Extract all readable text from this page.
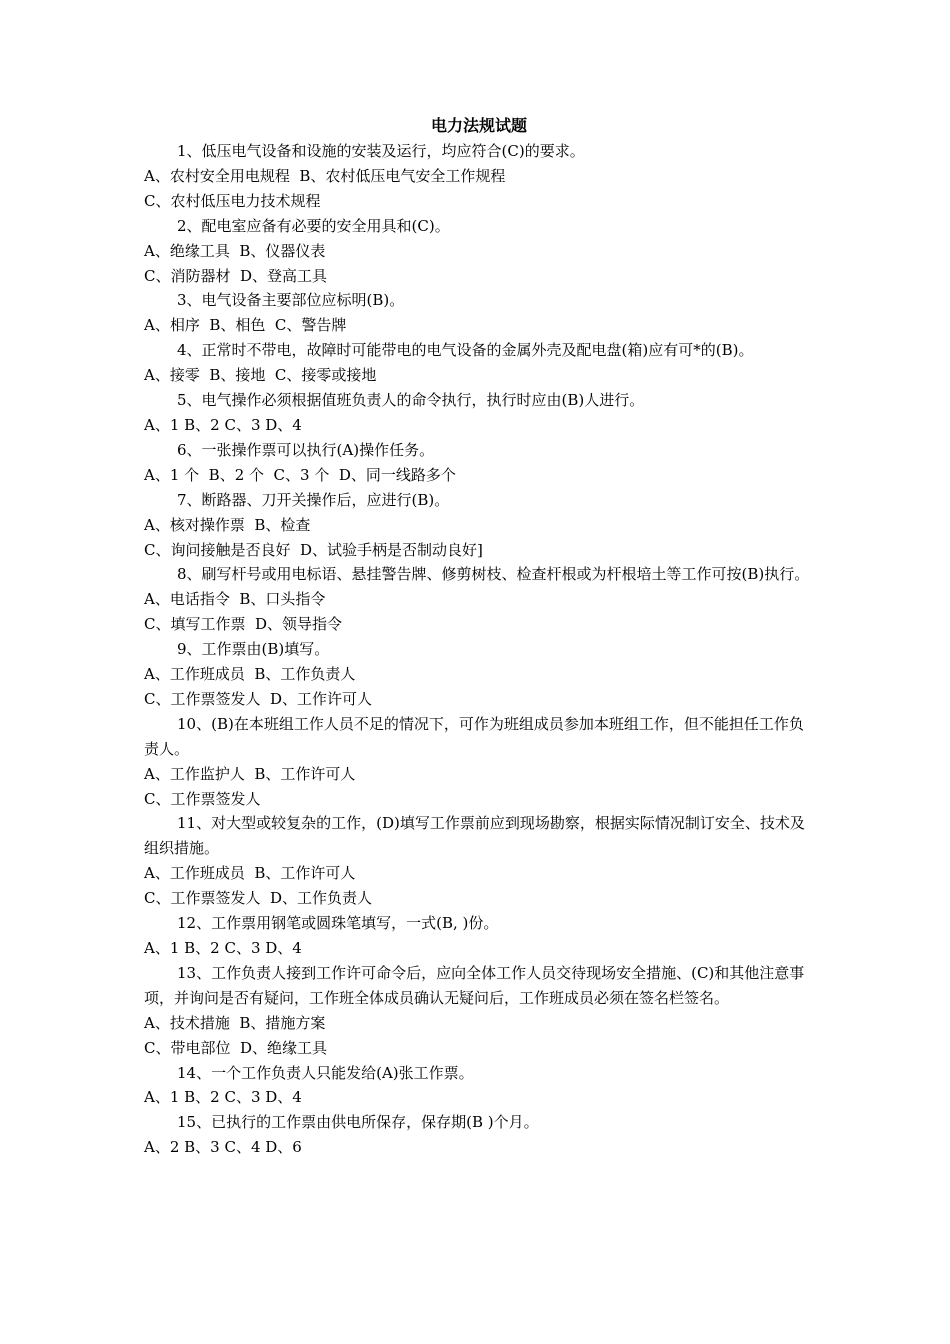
电力法规试题

1、低压电气设备和设施的安装及运行，均应符合(C)的要求。

A、农村安全用电规程  B、农村低压电气安全工作规程

C、农村低压电力技术规程

2、配电室应备有必要的安全用具和(C)。

A、绝缘工具  B、仪器仪表

C、消防器材  D、登高工具

3、电气设备主要部位应标明(B)。

A、相序  B、相色  C、警告牌

4、正常时不带电，故障时可能带电的电气设备的金属外壳及配电盘(箱)应有可*的(B)。

A、接零  B、接地  C、接零或接地

5、电气操作必须根据值班负责人的命令执行，执行时应由(B)人进行。

A、1 B、2 C、3 D、4

6、一张操作票可以执行(A)操作任务。

A、1 个  B、2 个  C、3 个  D、同一线路多个

7、断路器、刀开关操作后，应进行(B)。

A、核对操作票  B、检查

C、询问接触是否良好  D、试验手柄是否制动良好]

8、刷写杆号或用电标语、悬挂警告牌、修剪树枝、检查杆根或为杆根培土等工作可按(B)执行。

A、电话指令  B、口头指令

C、填写工作票  D、领导指令

9、工作票由(B)填写。

A、工作班成员  B、工作负责人

C、工作票签发人  D、工作许可人

10、(B)在本班组工作人员不足的情况下，可作为班组成员参加本班组工作，但不能担任工作负责人。

A、工作监护人  B、工作许可人

C、工作票签发人

11、对大型或较复杂的工作，(D)填写工作票前应到现场勘察，根据实际情况制订安全、技术及组织措施。

A、工作班成员  B、工作许可人

C、工作票签发人  D、工作负责人

12、工作票用钢笔或圆珠笔填写，一式(B, )份。

A、1 B、2 C、3 D、4

13、工作负责人接到工作许可命令后，应向全体工作人员交待现场安全措施、(C)和其他注意事项，并询问是否有疑问，工作班全体成员确认无疑问后，工作班成员必须在签名栏签名。

A、技术措施  B、措施方案

C、带电部位  D、绝缘工具

14、一个工作负责人只能发给(A)张工作票。

A、1 B、2 C、3 D、4

15、已执行的工作票由供电所保存，保存期(B )个月。

A、2 B、3 C、4 D、6
